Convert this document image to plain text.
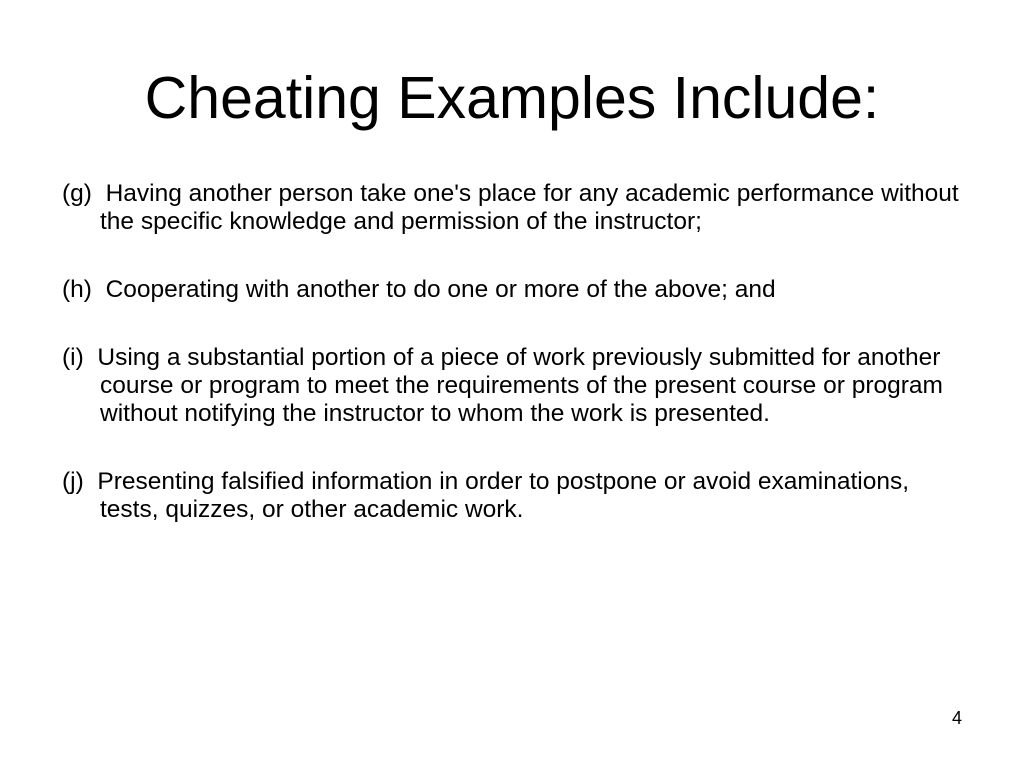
Cheating Examples Include:

(g)  Having another person take one's place for any academic performance without the specific knowledge and permission of the instructor;

(h)  Cooperating with another to do one or more of the above; and

(i)  Using a substantial portion of a piece of work previously submitted for another course or program to meet the requirements of the present course or program without notifying the instructor to whom the work is presented.

(j)  Presenting falsified information in order to postpone or avoid examinations, tests, quizzes, or other academic work.

4
